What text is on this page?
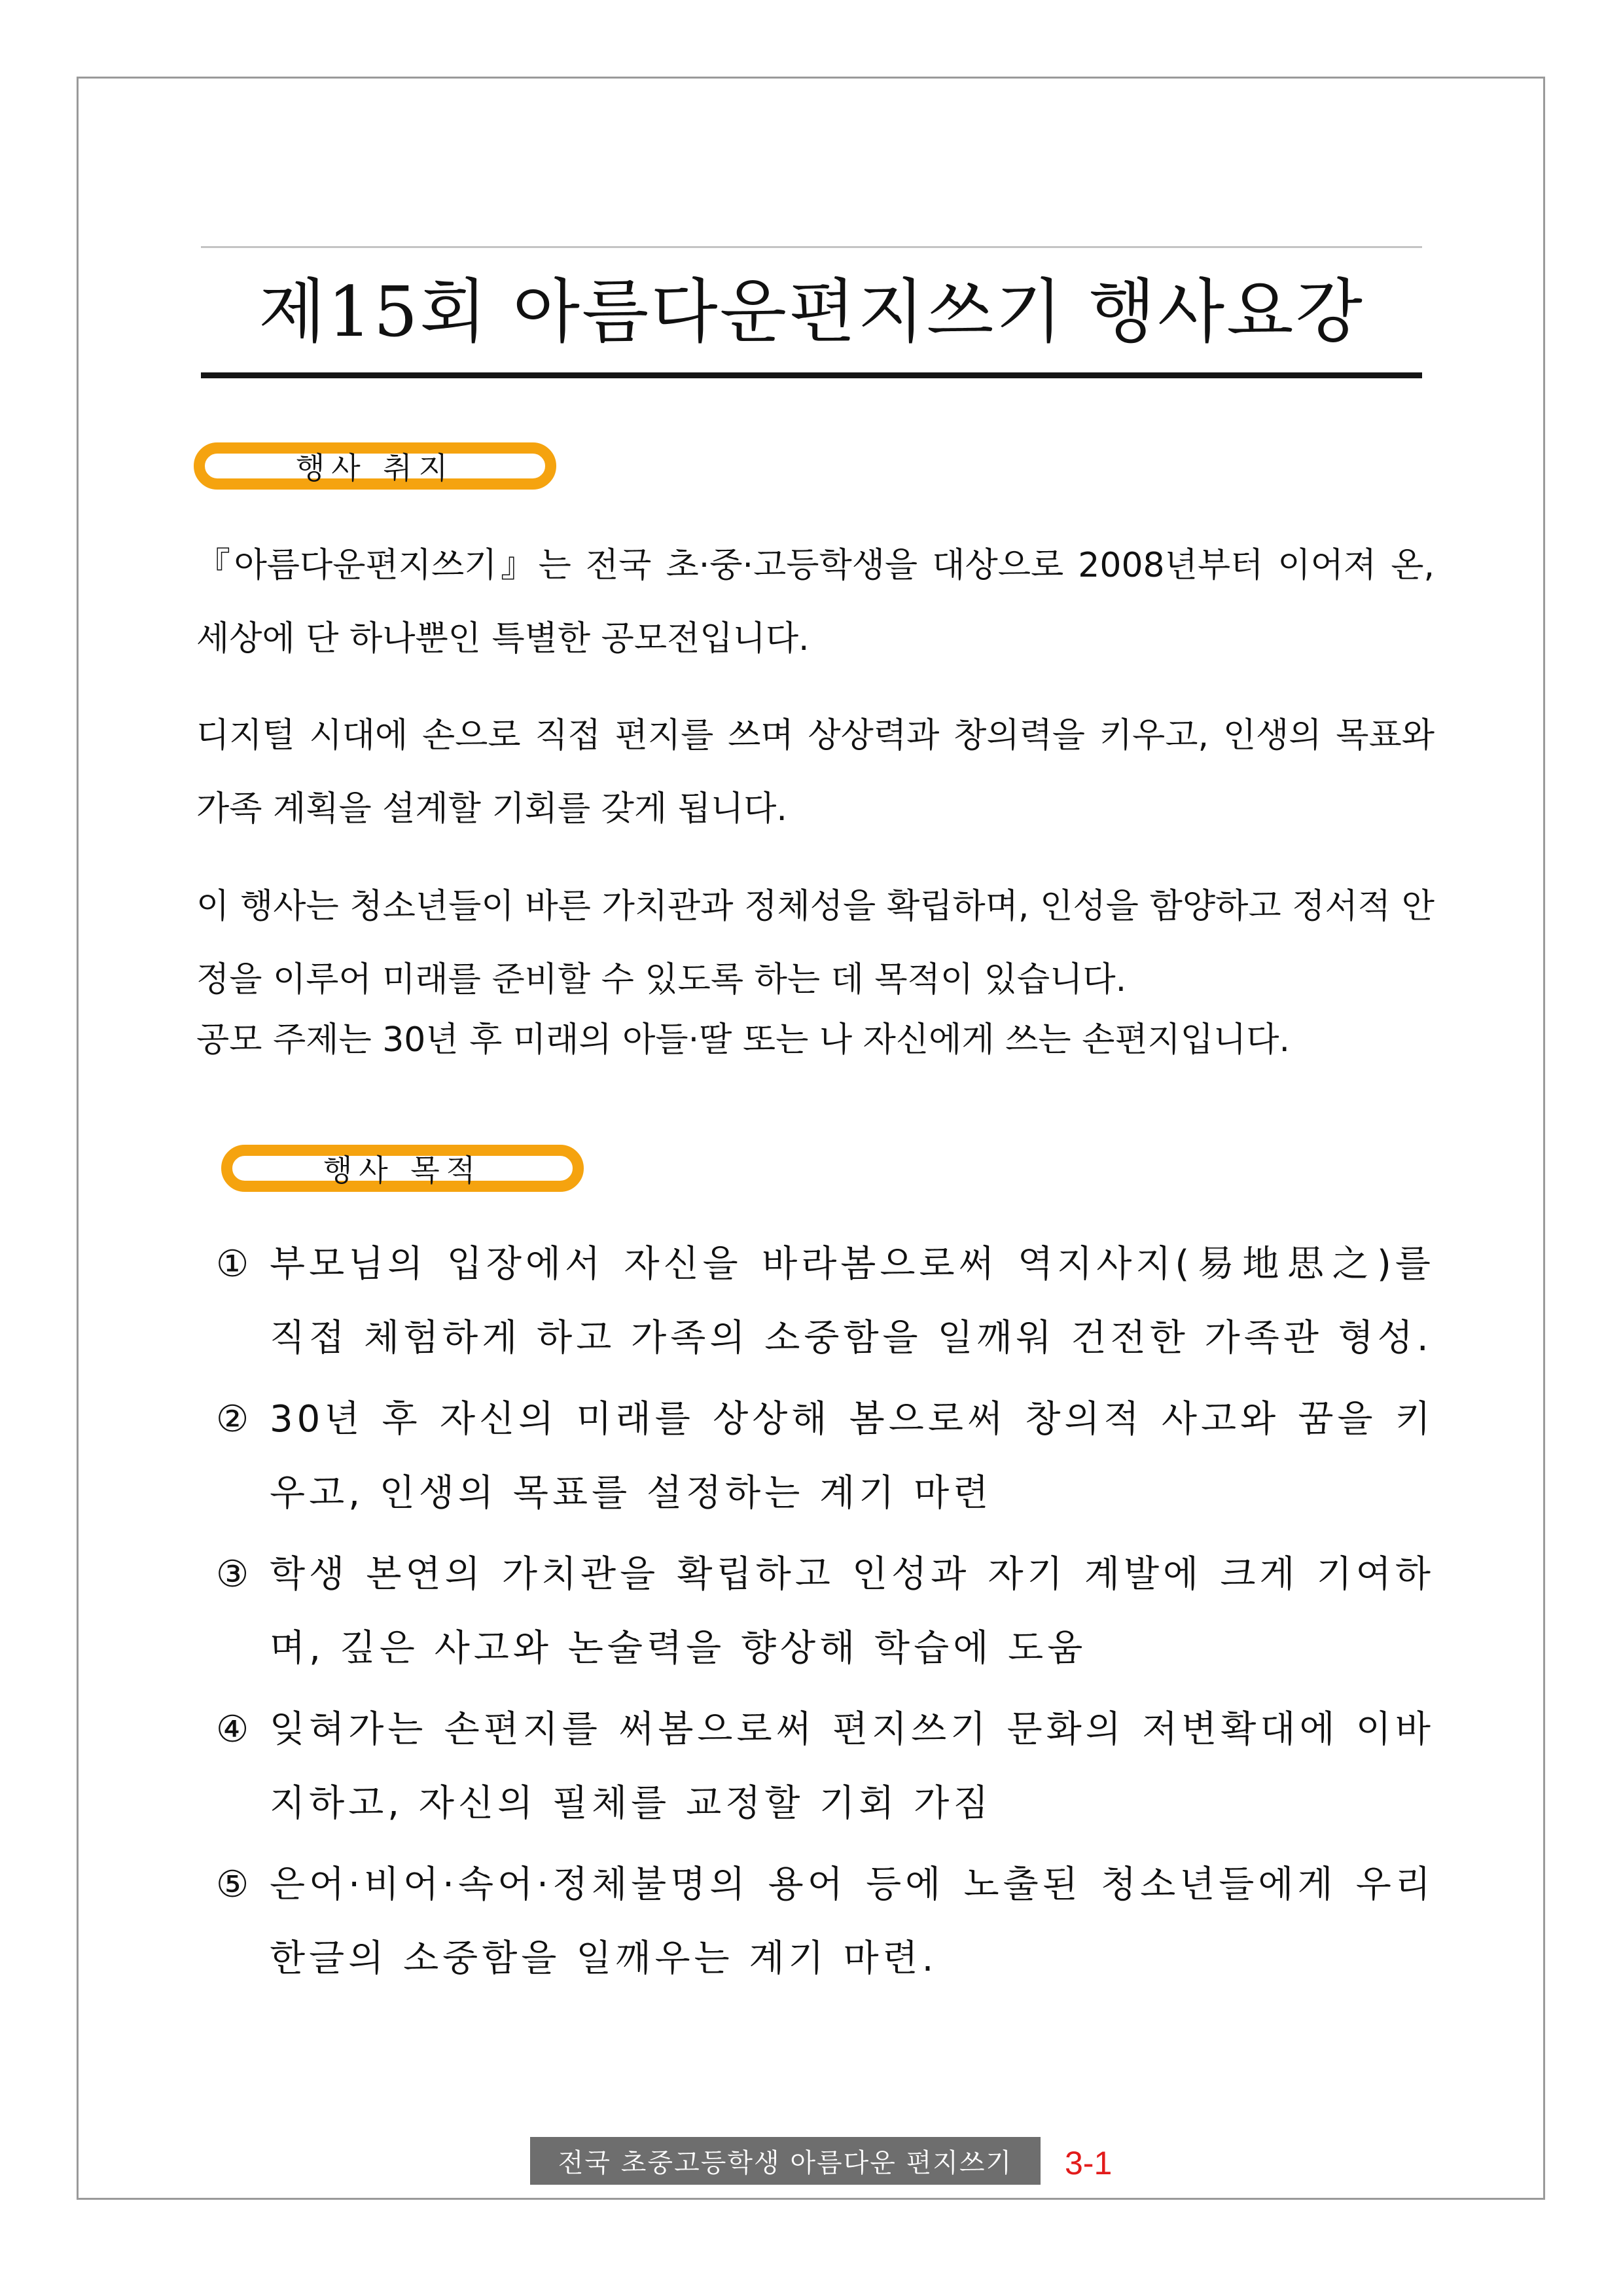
제15회 아름다운편지쓰기 행사요강
행사 취지

『아름다운편지쓰기』는 전국 초·중·고등학생을 대상으로 2008년부터 이어져 온, 세상에 단 하나뿐인 특별한 공모전입니다.

디지털 시대에 손으로 직접 편지를 쓰며 상상력과 창의력을 키우고, 인생의 목표와 가족 계획을 설계할 기회를 갖게 됩니다.

이 행사는 청소년들이 바른 가치관과 정체성을 확립하며, 인성을 함양하고 정서적 안정을 이루어 미래를 준비할 수 있도록 하는 데 목적이 있습니다.

공모 주제는 30년 후 미래의 아들·딸 또는 나 자신에게 쓰는 손편지입니다.

행사 목적
① 부모님의 입장에서 자신을 바라봄으로써 역지사지(易地思之)를 직접 체험하게 하고 가족의 소중함을 일깨워 건전한 가족관 형성.
② 30년 후 자신의 미래를 상상해 봄으로써 창의적 사고와 꿈을 키우고, 인생의 목표를 설정하는 계기 마련
③ 학생 본연의 가치관을 확립하고 인성과 자기 계발에 크게 기여하며, 깊은 사고와 논술력을 향상해 학습에 도움
④ 잊혀가는 손편지를 써봄으로써 편지쓰기 문화의 저변확대에 이바지하고, 자신의 필체를 교정할 기회 가짐
⑤ 은어·비어·속어·정체불명의 용어 등에 노출된 청소년들에게 우리 한글의 소중함을 일깨우는 계기 마련.
전국 초중고등학생 아름다운 편지쓰기 3-1
